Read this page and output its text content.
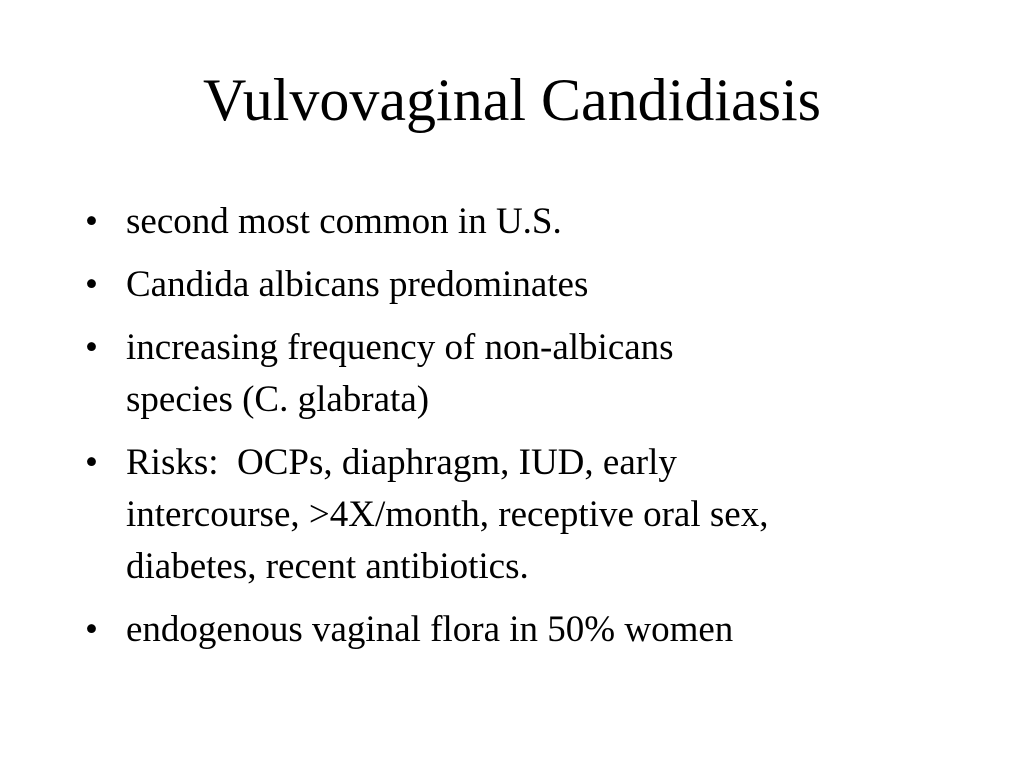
Vulvovaginal Candidiasis
• second most common in U.S.
• Candida albicans predominates
• increasing frequency of non-albicans
species (C. glabrata)
• Risks:  OCPs, diaphragm, IUD, early
intercourse, >4X/month, receptive oral sex,
diabetes, recent antibiotics.
• endogenous vaginal flora in 50% women
